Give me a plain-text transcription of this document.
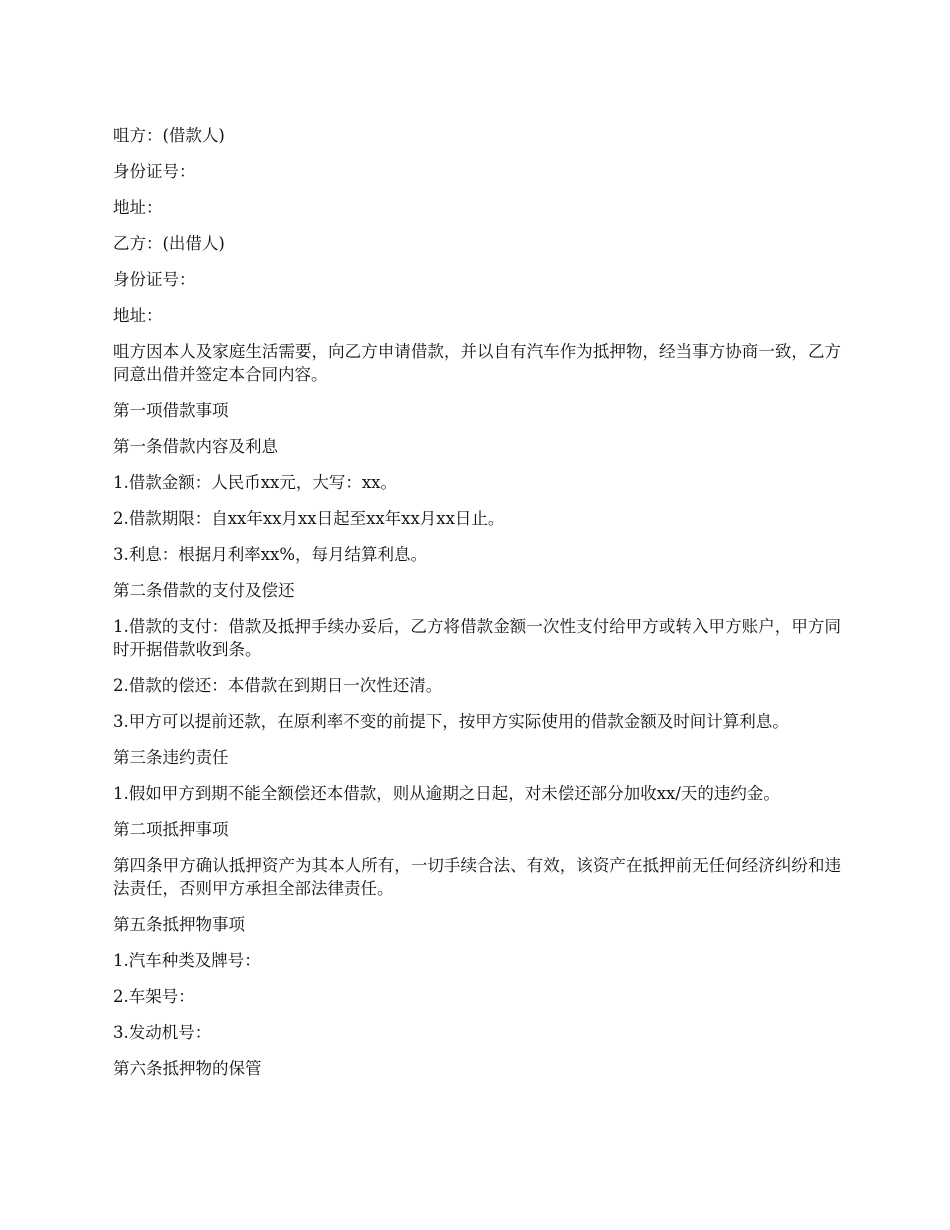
咀方：(借款人)

身份证号：

地址：

乙方：(出借人)

身份证号：

地址：

咀方因本人及家庭生活需要，向乙方申请借款，并以自有汽车作为抵押物，经当事方协商一致，乙方同意出借并签定本合同内容。

第一项借款事项

第一条借款内容及利息

1.借款金额：人民币xx元，大写：xx。

2.借款期限：自xx年xx月xx日起至xx年xx月xx日止。

3.利息：根据月利率xx%，每月结算利息。

第二条借款的支付及偿还

1.借款的支付：借款及抵押手续办妥后，乙方将借款金额一次性支付给甲方或转入甲方账户，甲方同时开据借款收到条。

2.借款的偿还：本借款在到期日一次性还清。

3.甲方可以提前还款，在原利率不变的前提下，按甲方实际使用的借款金额及时间计算利息。

第三条违约责任

1.假如甲方到期不能全额偿还本借款，则从逾期之日起，对未偿还部分加收xx/天的违约金。

第二项抵押事项

第四条甲方确认抵押资产为其本人所有，一切手续合法、有效，该资产在抵押前无任何经济纠纷和违法责任，否则甲方承担全部法律责任。

第五条抵押物事项

1.汽车种类及牌号：

2.车架号：

3.发动机号：

第六条抵押物的保管
